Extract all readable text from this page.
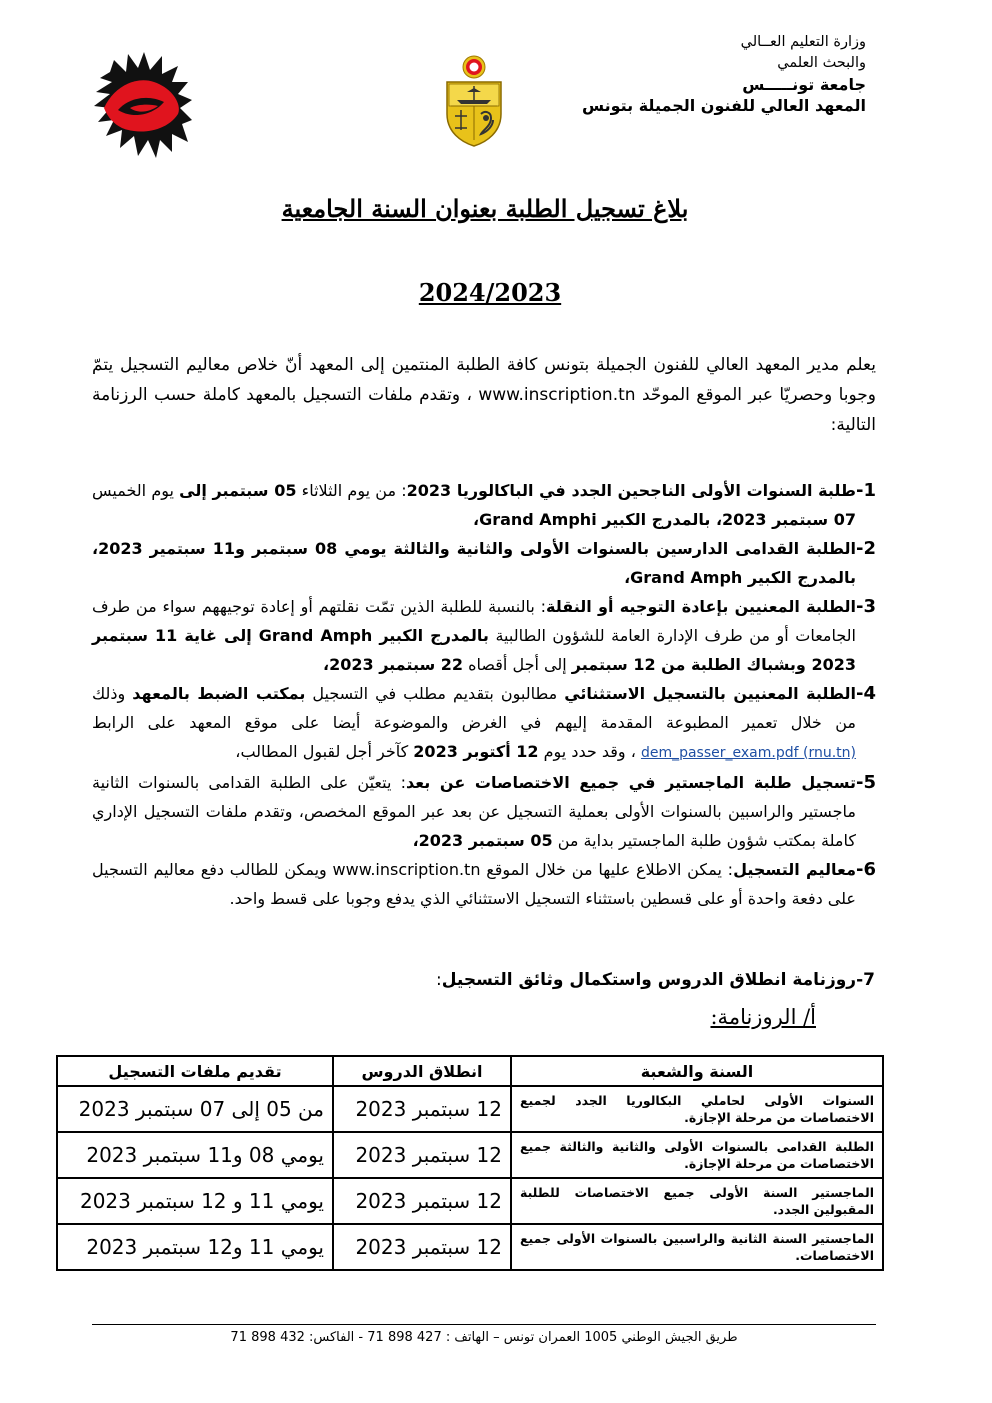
وزارة التعليم العــالي
والبحث العلمي
جامعة تونـــــس
المعهد العالي للفنون الجميلة بتونس
بلاغ تسجيل الطلبة بعنوان السنة الجامعية
2024/2023
يعلم مدير المعهد العالي للفنون الجميلة بتونس كافة الطلبة المنتمين إلى المعهد أنّ خلاص معاليم التسجيل يتمّ وجوبا وحصريّا عبر الموقع الموحّد www.inscription.tn ، وتقدم ملفات التسجيل بالمعهد كاملة حسب الرزنامة التالية:
1-
طلبة السنوات الأولى الناجحين الجدد في الباكالوريا 2023: من يوم الثلاثاء 05 سبتمبر إلى يوم الخميس 07 سبتمبر 2023، بالمدرج الكبير Grand Amphi،
2-
الطلبة القدامى الدارسين بالسنوات الأولى والثانية والثالثة يومي 08 سبتمبر و11 سبتمير 2023، بالمدرج الكبير Grand Amph،
3-
الطلبة المعنيين بإعادة التوجيه أو النقلة: بالنسبة للطلبة الذين تمّت نقلتهم أو إعادة توجيههم سواء من طرف الجامعات أو من طرف الإدارة العامة للشؤون الطالبية بالمدرج الكبير Grand Amph إلى غاية 11 سبتمبر 2023 وبشباك الطلبة من 12 سبتمبر إلى أجل أقصاه 22 سبتمبر 2023،
4-
الطلبة المعنيين بالتسجيل الاستثنائي مطالبون بتقديم مطلب في التسجيل بمكتب الضبط بالمعهد وذلك من خلال تعمير المطبوعة المقدمة إليهم في الغرض والموضوعة أيضا على موقع المعهد على الرابط dem_passer_exam.pdf (rnu.tn) ، وقد حدد يوم 12 أكتوبر 2023 كآخر أجل لقبول المطالب،
5-
تسجيل طلبة الماجستير في جميع الاختصاصات عن بعد: يتعيّن على الطلبة القدامى بالسنوات الثانية ماجستير والراسبين بالسنوات الأولى بعملية التسجيل عن بعد عبر الموقع المخصص، وتقدم ملفات التسجيل الإداري كاملة بمكتب شؤون طلبة الماجستير بداية من 05 سبتمبر 2023،
6-
معاليم التسجيل: يمكن الاطلاع عليها من خلال الموقع www.inscription.tn ويمكن للطالب دفع معاليم التسجيل على دفعة واحدة أو على قسطين باستثناء التسجيل الاستثنائي الذي يدفع وجوبا على قسط واحد.
7-روزنامة انطلاق الدروس واستكمال وثائق التسجيل:
أ/ الروزنامة:
السنة والشعبة	انطلاق الدروس	تقديم ملفات التسجيل
السنوات الأولى لحاملي البكالوريا الجدد لجميع الاختصاصات من مرحلة الإجازة.	12 سبتمبر 2023	من 05 إلى 07 سبتمبر 2023
الطلبة القدامى بالسنوات الأولى والثانية والثالثة جميع الاختصاصات من مرحلة الإجازة.	12 سبتمبر 2023	يومي 08 و11 سبتمبر 2023
الماجستير السنة الأولى جميع الاختصاصات للطلبة المقبولين الجدد.	12 سبتمبر 2023	يومي 11 و 12 سبتمبر 2023
الماجستير السنة الثانية والراسبين بالسنوات الأولى جميع الاختصاصات.	12 سبتمبر 2023	يومي 11 و12 سبتمبر 2023
طريق الجيش الوطني 1005 العمران تونس – الهاتف : 427 898 71 - الفاكس: 432 898 71
